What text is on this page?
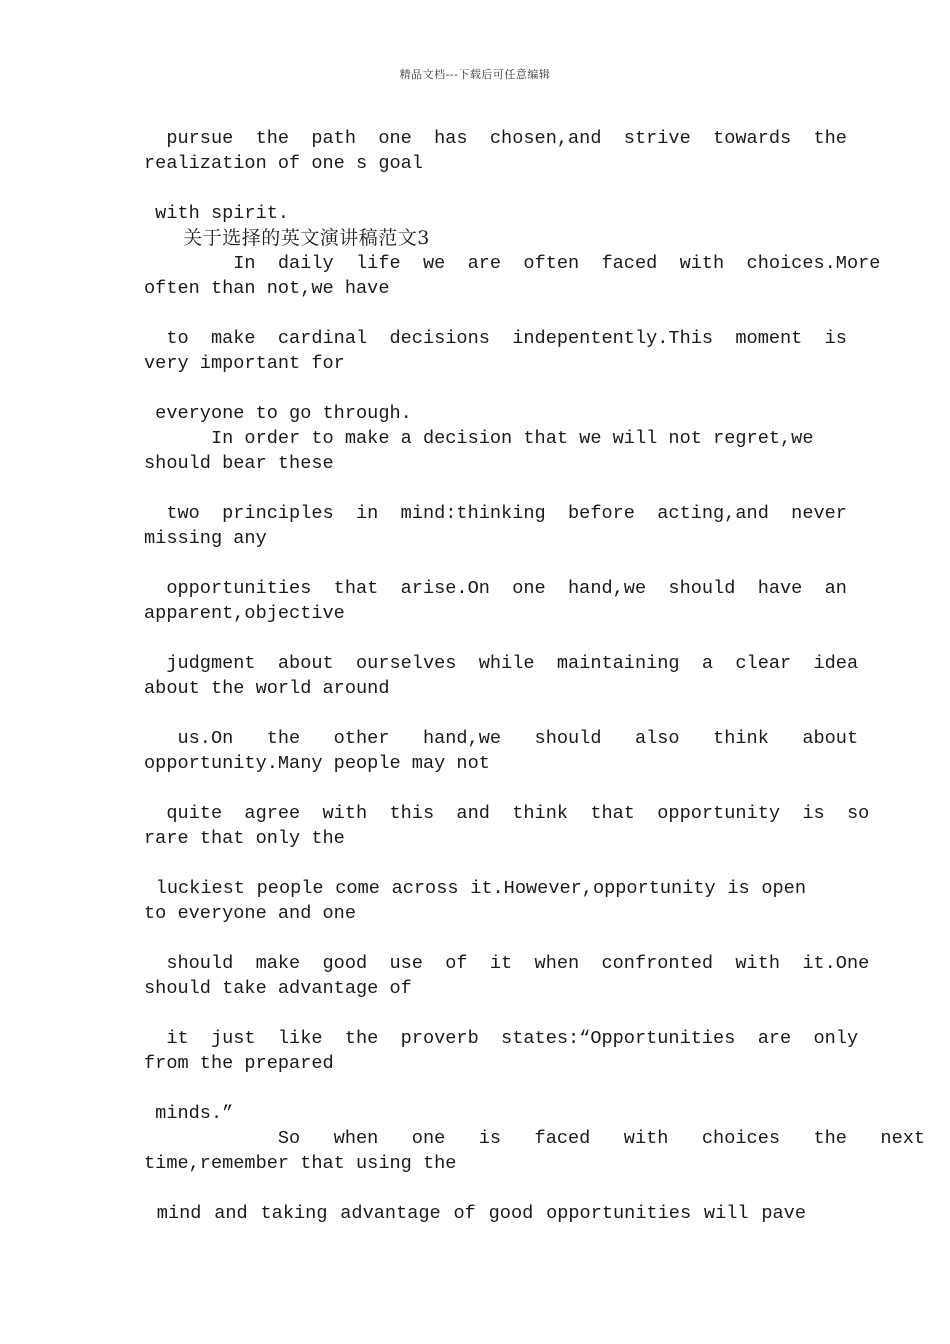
精品文档---下载后可任意编辑
pursue  the  path  one  has  chosen,and  strive  towards  the
realization of one s goal
with spirit.
关于选择的英文演讲稿范文3
In  daily  life  we  are  often  faced  with  choices.More
often than not,we have
to  make  cardinal  decisions  indepentently.This  moment  is
very important for
everyone to go through.
In order to make a decision that we will not regret,we
should bear these
two  principles  in  mind:thinking  before  acting,and  never
missing any
opportunities  that  arise.On  one  hand,we  should  have  an
apparent,objective
judgment  about  ourselves  while  maintaining  a  clear  idea
about the world around
us.On   the   other   hand,we   should   also   think   about
opportunity.Many people may not
quite  agree  with  this  and  think  that  opportunity  is  so
rare that only the
luckiest people come across it.However,opportunity is open
to everyone and one
should  make  good  use  of  it  when  confronted  with  it.One
should take advantage of
it  just  like  the  proverb  states:“Opportunities  are  only
from the prepared
minds.”
So   when   one   is   faced   with   choices   the   next
time,remember that using the
mind and taking advantage of good opportunities will pave
